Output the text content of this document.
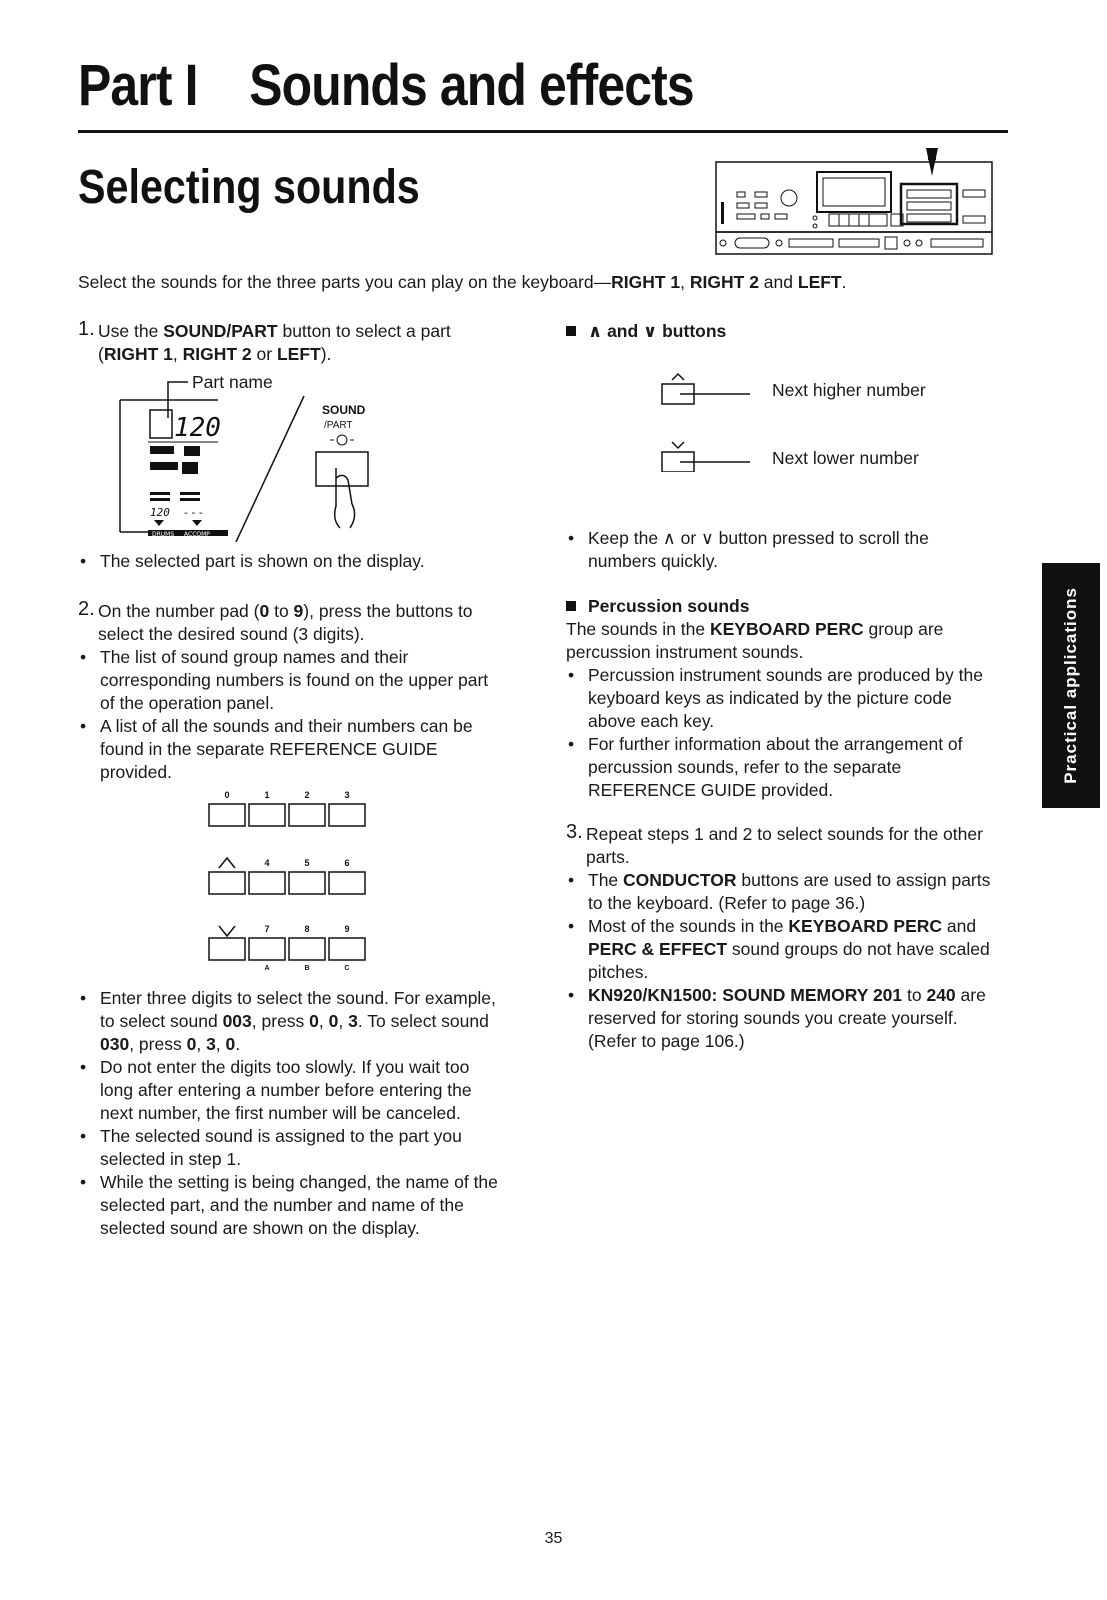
Part I Sounds and effects
Selecting sounds
Select the sounds for the three parts you can play on the keyboard—RIGHT 1, RIGHT 2 and LEFT.

1. Use the SOUND/PART button to select a part (RIGHT 1, RIGHT 2 or LEFT).

Part name
120
120 - - -
DRUMS ACCOMP
SOUND
/PART

• The selected part is shown on the display.

2. On the number pad (0 to 9), press the buttons to select the desired sound (3 digits).

• The list of sound group names and their corresponding numbers is found on the upper part of the operation panel.

• A list of all the sounds and their numbers can be found in the separate REFERENCE GUIDE provided.

0	1	2	3
4	5	6
7	8	9
A	B	C

• Enter three digits to select the sound. For example, to select sound 003, press 0, 0, 3. To select sound 030, press 0, 3, 0.

• Do not enter the digits too slowly. If you wait too long after entering a number before entering the next number, the first number will be canceled.

• The selected sound is assigned to the part you selected in step 1.

• While the setting is being changed, the name of the selected part, and the number and name of the selected sound are shown on the display.

∧ and ∨ buttons

Next higher number
Next lower number

• Keep the ∧ or ∨ button pressed to scroll the numbers quickly.

Percussion sounds

The sounds in the KEYBOARD PERC group are percussion instrument sounds.

• Percussion instrument sounds are produced by the keyboard keys as indicated by the picture code above each key.

• For further information about the arrangement of percussion sounds, refer to the separate REFERENCE GUIDE provided.

3. Repeat steps 1 and 2 to select sounds for the other parts.

• The CONDUCTOR buttons are used to assign parts to the keyboard. (Refer to page 36.)

• Most of the sounds in the KEYBOARD PERC and PERC & EFFECT sound groups do not have scaled pitches.

• KN920/KN1500: SOUND MEMORY 201 to 240 are reserved for storing sounds you create yourself. (Refer to page 106.)

Practical applications
35
